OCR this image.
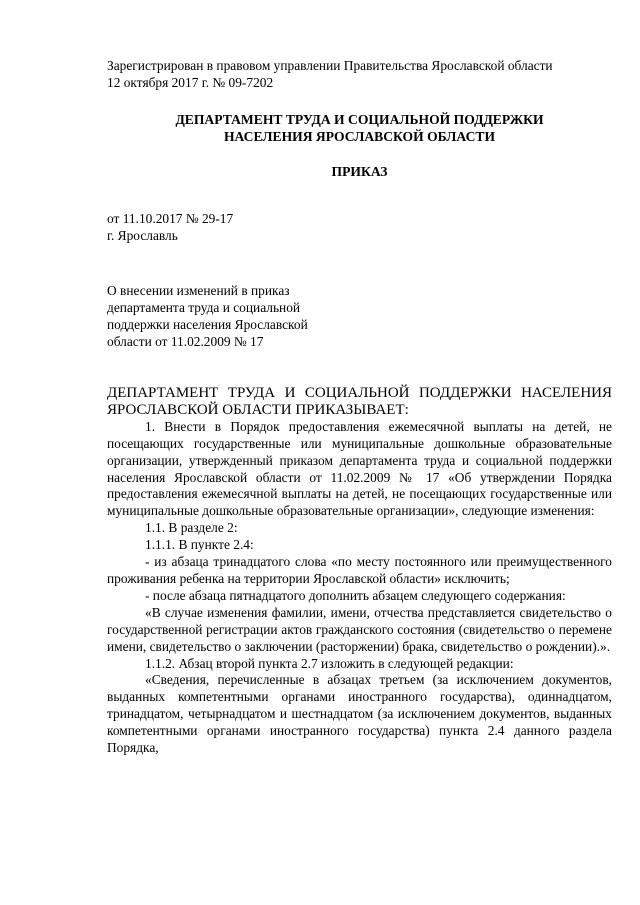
Зарегистрирован в правовом управлении Правительства Ярославской области
12 октября 2017 г. № 09-7202
ДЕПАРТАМЕНТ ТРУДА И СОЦИАЛЬНОЙ ПОДДЕРЖКИ
НАСЕЛЕНИЯ ЯРОСЛАВСКОЙ ОБЛАСТИ
ПРИКАЗ
от 11.10.2017 № 29-17
г. Ярославль
О внесении изменений в приказ
департамента труда и социальной
поддержки населения Ярославской
области от 11.02.2009 № 17

ДЕПАРТАМЕНТ ТРУДА И СОЦИАЛЬНОЙ ПОДДЕРЖКИ НАСЕЛЕНИЯ
ЯРОСЛАВСКОЙ ОБЛАСТИ ПРИКАЗЫВАЕТ:

1. Внести в Порядок предоставления ежемесячной выплаты на детей, не посещающих государственные или муниципальные дошкольные образовательные организации, утвержденный приказом департамента труда и социальной поддержки населения Ярославской области от 11.02.2009 № 17 «Об утверждении Порядка предоставления ежемесячной выплаты на детей, не посещающих государственные или муниципальные дошкольные образовательные организации», следующие изменения:

1.1. В разделе 2:

1.1.1. В пункте 2.4:

- из абзаца тринадцатого слова «по месту постоянного или преимущественного проживания ребенка на территории Ярославской области» исключить;

- после абзаца пятнадцатого дополнить абзацем следующего содержания:

«В случае изменения фамилии, имени, отчества представляется свидетельство о государственной регистрации актов гражданского состояния (свидетельство о перемене имени, свидетельство о заключении (расторжении) брака, свидетельство о рождении).».

1.1.2. Абзац второй пункта 2.7 изложить в следующей редакции:

«Сведения, перечисленные в абзацах третьем (за исключением документов, выданных компетентными органами иностранного государства), одиннадцатом, тринадцатом, четырнадцатом и шестнадцатом (за исключением документов, выданных компетентными органами иностранного государства) пункта 2.4 данного раздела Порядка,
